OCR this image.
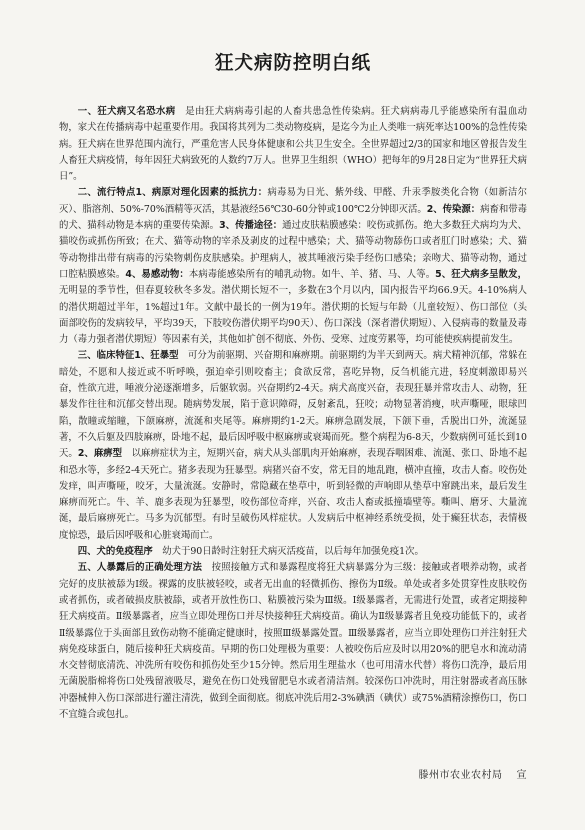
狂犬病防控明白纸

一、狂犬病又名恐水病  是由狂犬病病毒引起的人畜共患急性传染病。狂犬病病毒几乎能感染所有温血动物，家犬在传播病毒中起重要作用。我国将其列为二类动物疫病，是迄今为止人类唯一病死率达100%的急性传染病。狂犬病在世界范围内流行，严重危害人民身体健康和公共卫生安全。全世界超过2/3的国家和地区曾报告发生人畜狂犬病疫情，每年因狂犬病致死的人数约7万人。世界卫生组织（WHO）把每年的9月28日定为“世界狂犬病日”。

二、流行特点1、病原对理化因素的抵抗力：病毒易为日光、紫外线、甲醛、升汞季胺类化合物（如新洁尔灭）、脂溶剂、50%-70%酒精等灭活，其悬液经56℃30-60分钟或100℃2分钟即灭活。2、传染源：病畜和带毒的犬、猫科动物是本病的重要传染源。3、传播途径：通过皮肤粘膜感染：咬伤或抓伤。绝大多数狂犬病均为犬、猫咬伤或抓伤所致；在犬、猫等动物的宰杀及剥皮的过程中感染；犬、猫等动物舔伤口或者肛门时感染；犬、猫等动物排出带有病毒的污染物刺伤皮肤感染。护理病人，被其唾液污染手经伤口感染；亲吻犬、猫等动物，通过口腔粘膜感染。4、易感动物：本病毒能感染所有的哺乳动物。如牛、羊、猪、马、人等。5、狂犬病多呈散发，无明显的季节性，但春夏较秋冬多发。潜伏期长短不一，多数在3个月以内，国内报告平均66.9天。4-10%病人的潜伏期超过半年，1%超过1年。文献中最长的一例为19年。潜伏期的长短与年龄（儿童较短）、伤口部位（头面部咬伤的发病较早，平均39天，下肢咬伤潜伏期平均90天）、伤口深浅（深者潜伏期短）、入侵病毒的数量及毒力（毒力强者潜伏期短）等因素有关，其他如扩创不彻底、外伤、受寒、过度劳累等，均可能使疾病提前发生。

三、临床特征1、狂暴型  可分为前驱期、兴奋期和麻痹期。前驱期约为半天到两天。病犬精神沉郁，常躲在暗处，不愿和人接近或不听呼唤，强迫牵引则咬畜主；食欲反常，喜吃异物，反刍机能亢进，轻度刺激即易兴奋，性欲亢进，唾液分泌逐渐增多，后躯软弱。兴奋期约2-4天。病犬高度兴奋，表现狂暴并常攻击人、动物，狂暴发作往往和沉郁交替出现。随病势发展，陷于意识障碍，反射紊乱，狂咬；动物显著消瘦，吠声嘶哑，眼球凹陷，散瞳或缩瞳，下颌麻痹，流涎和夹尾等。麻痹期约1-2天。麻痹急剧发展，下颌下垂，舌脱出口外，流涎显著，不久后躯及四肢麻痹，卧地不起，最后因呼吸中枢麻痹或衰竭而死。整个病程为6-8天，少数病例可延长到10天。2、麻痹型  以麻痹症状为主，短期兴奋，病犬从头部肌肉开始麻痹，表现吞咽困难、流涎、张口、卧地不起和恐水等，多经2-4天死亡。猪多表现为狂暴型。病猪兴奋不安，常无目的地乱跑，横冲直撞，攻击人畜。咬伤处发痒，叫声嘶哑，咬牙，大量流涎。安静时，常隐藏在垫草中，听到轻微的声响即从垫草中窜跳出来，最后发生麻痹而死亡。牛、羊、鹿多表现为狂暴型，咬伤部位奇痒，兴奋、攻击人畜或抵撞墙壁等。嘶叫、磨牙、大量流涎，最后麻痹死亡。马多为沉郁型。有时呈破伤风样症状。人发病后中枢神经系统受损，处于癫狂状态，表情极度惊恐，最后因呼吸和心脏衰竭而亡。

四、犬的免疫程序  幼犬于90日龄时注射狂犬病灭活疫苗，以后每年加强免疫1次。

五、人暴露后的正确处理方法  按照接触方式和暴露程度将狂犬病暴露分为三级：接触或者喂养动物，或者完好的皮肤被舔为Ⅰ级。裸露的皮肤被轻咬，或者无出血的轻微抓伤、擦伤为Ⅱ级。单处或者多处贯穿性皮肤咬伤或者抓伤，或者破损皮肤被舔，或者开放性伤口、粘膜被污染为Ⅲ级。Ⅰ级暴露者，无需进行处置，或者定期接种狂犬病疫苗。Ⅱ级暴露者，应当立即处理伤口并尽快接种狂犬病疫苗。确认为Ⅱ级暴露者且免疫功能低下的，或者Ⅱ级暴露位于头面部且致伤动物不能确定健康时，按照Ⅲ级暴露处置。Ⅲ级暴露者，应当立即处理伤口并注射狂犬病免疫球蛋白，随后接种狂犬病疫苗。早期的伤口处理极为重要：人被咬伤后应及时以用20%的肥皂水和流动清水交替彻底清洗、冲洗所有咬伤和抓伤处至少15分钟。然后用生理盐水（也可用清水代替）将伤口洗净，最后用无菌脱脂棉将伤口处残留液吸尽，避免在伤口处残留肥皂水或者清洁剂。较深伤口冲洗时，用注射器或者高压脉冲器械伸入伤口深部进行灌注清洗，做到全面彻底。彻底冲洗后用2-3%碘酒（碘伏）或75%酒精涂擦伤口，伤口不宜缝合或包扎。

滕州市农业农村局 宣
